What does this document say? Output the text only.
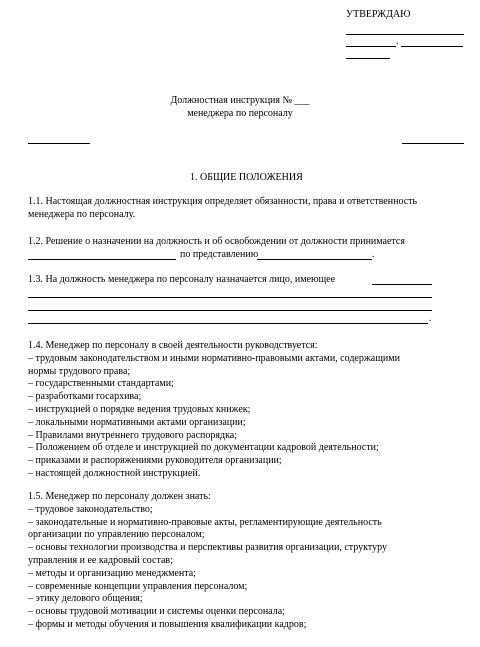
УТВЕРЖДАЮ
.
Должностная инструкция № ___
менеджера по персоналу
1. ОБЩИЕ ПОЛОЖЕНИЯ
1.1. Настоящая должностная инструкция определяет обязанности, права и ответственность
менеджера по персоналу.
1.2. Решение о назначении на должность и об освобождении от должности принимается
по представлению	.
1.3. На должность менеджера по персоналу назначается лицо, имеющее
.
1.4. Менеджер по персоналу в своей деятельности руководствуется:
– трудовым законодательством и иными нормативно-правовыми актами, содержащими
нормы трудового права;
– государственными стандартами;
– разработками госархива;
– инструкцией о порядке ведения трудовых книжек;
– локальными нормативными актами организации;
– Правилами внутреннего трудового распорядка;
– Положением об отделе и инструкцией по документации кадровой деятельности;
– приказами и распоряжениями руководителя организации;
– настоящей должностной инструкцией.
1.5. Менеджер по персоналу должен знать:
– трудовое законодательство;
– законодательные и нормативно-правовые акты, регламентирующие деятельность
организации по управлению персоналом;
– основы технологии производства и перспективы развития организации, структуру
управления и ее кадровый состав;
– методы и организацию менеджмента;
– современные концепции управления персоналом;
– этику делового общения;
– основы трудовой мотивации и системы оценки персонала;
– формы и методы обучения и повышения квалификации кадров;
